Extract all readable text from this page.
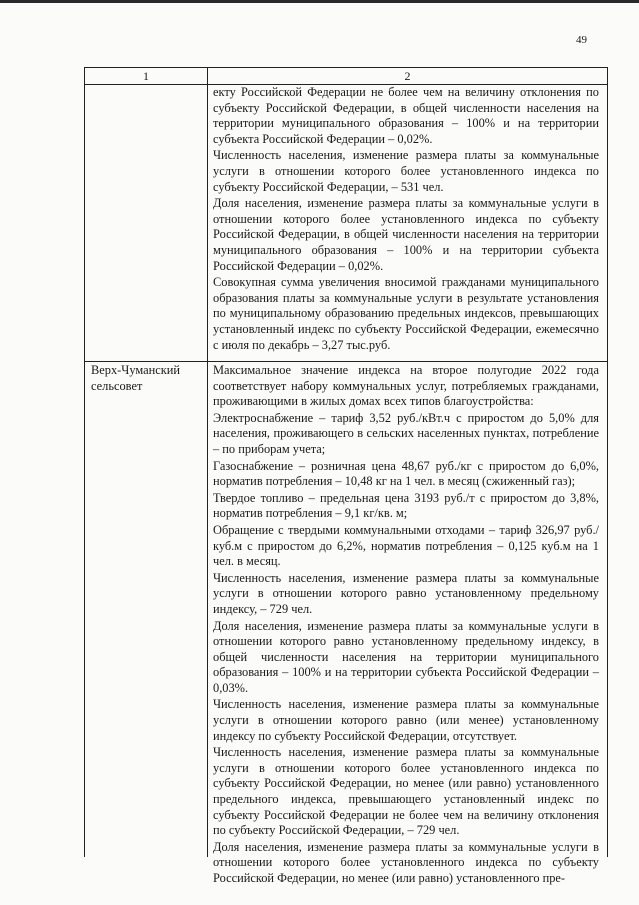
49
1	2

екту Российской Федерации не более чем на величину отклонения по субъекту Российской Федерации, в общей численности населения на территории муниципального образования – 100% и на территории субъекта Российской Федерации – 0,02%.

Численность населения, изменение размера платы за коммунальные услуги в отношении которого более установленного индекса по субъекту Российской Федерации, – 531 чел.

Доля населения, изменение размера платы за коммунальные услуги в отношении которого более установленного индекса по субъекту Российской Федерации, в общей численности населения на территории муниципального образования – 100% и на территории субъекта Российской Федерации – 0,02%.

Совокупная сумма увеличения вносимой гражданами муниципального образования платы за коммунальные услуги в результате установления по муниципальному образованию предельных индексов, превышающих установленный индекс по субъекту Российской Федерации, ежемесячно с июля по декабрь – 3,27 тыс.руб.

Верх-Чуманский сельсовет

Максимальное значение индекса на второе полугодие 2022 года соответствует набору коммунальных услуг, потребляемых гражданами, проживающими в жилых домах всех типов благоустройства:

Электроснабжение – тариф 3,52 руб./кВт.ч с приростом до 5,0% для населения, проживающего в сельских населенных пунктах, потребление – по приборам учета;

Газоснабжение – розничная цена 48,67 руб./кг с приростом до 6,0%, норматив потребления – 10,48 кг на 1 чел. в месяц (сжиженный газ);

Твердое топливо – предельная цена 3193 руб./т с приростом до 3,8%, норматив потребления – 9,1 кг/кв. м;

Обращение с твердыми коммунальными отходами – тариф 326,97 руб./куб.м с приростом до 6,2%, норматив потребления – 0,125 куб.м на 1 чел. в месяц.

Численность населения, изменение размера платы за коммунальные услуги в отношении которого равно установленному предельному индексу, – 729 чел.

Доля населения, изменение размера платы за коммунальные услуги в отношении которого равно установленному предельному индексу, в общей численности населения на территории муниципального образования – 100% и на территории субъекта Российской Федерации – 0,03%.

Численность населения, изменение размера платы за коммунальные услуги в отношении которого равно (или менее) установленному индексу по субъекту Российской Федерации, отсутствует.

Численность населения, изменение размера платы за коммунальные услуги в отношении которого более установленного индекса по субъекту Российской Федерации, но менее (или равно) установленного предельного индекса, превышающего установленный индекс по субъекту Российской Федерации не более чем на величину отклонения по субъекту Российской Федерации, – 729 чел.

Доля населения, изменение размера платы за коммунальные услуги в отношении которого более установленного индекса по субъекту Российской Федерации, но менее (или равно) установленного пре-
